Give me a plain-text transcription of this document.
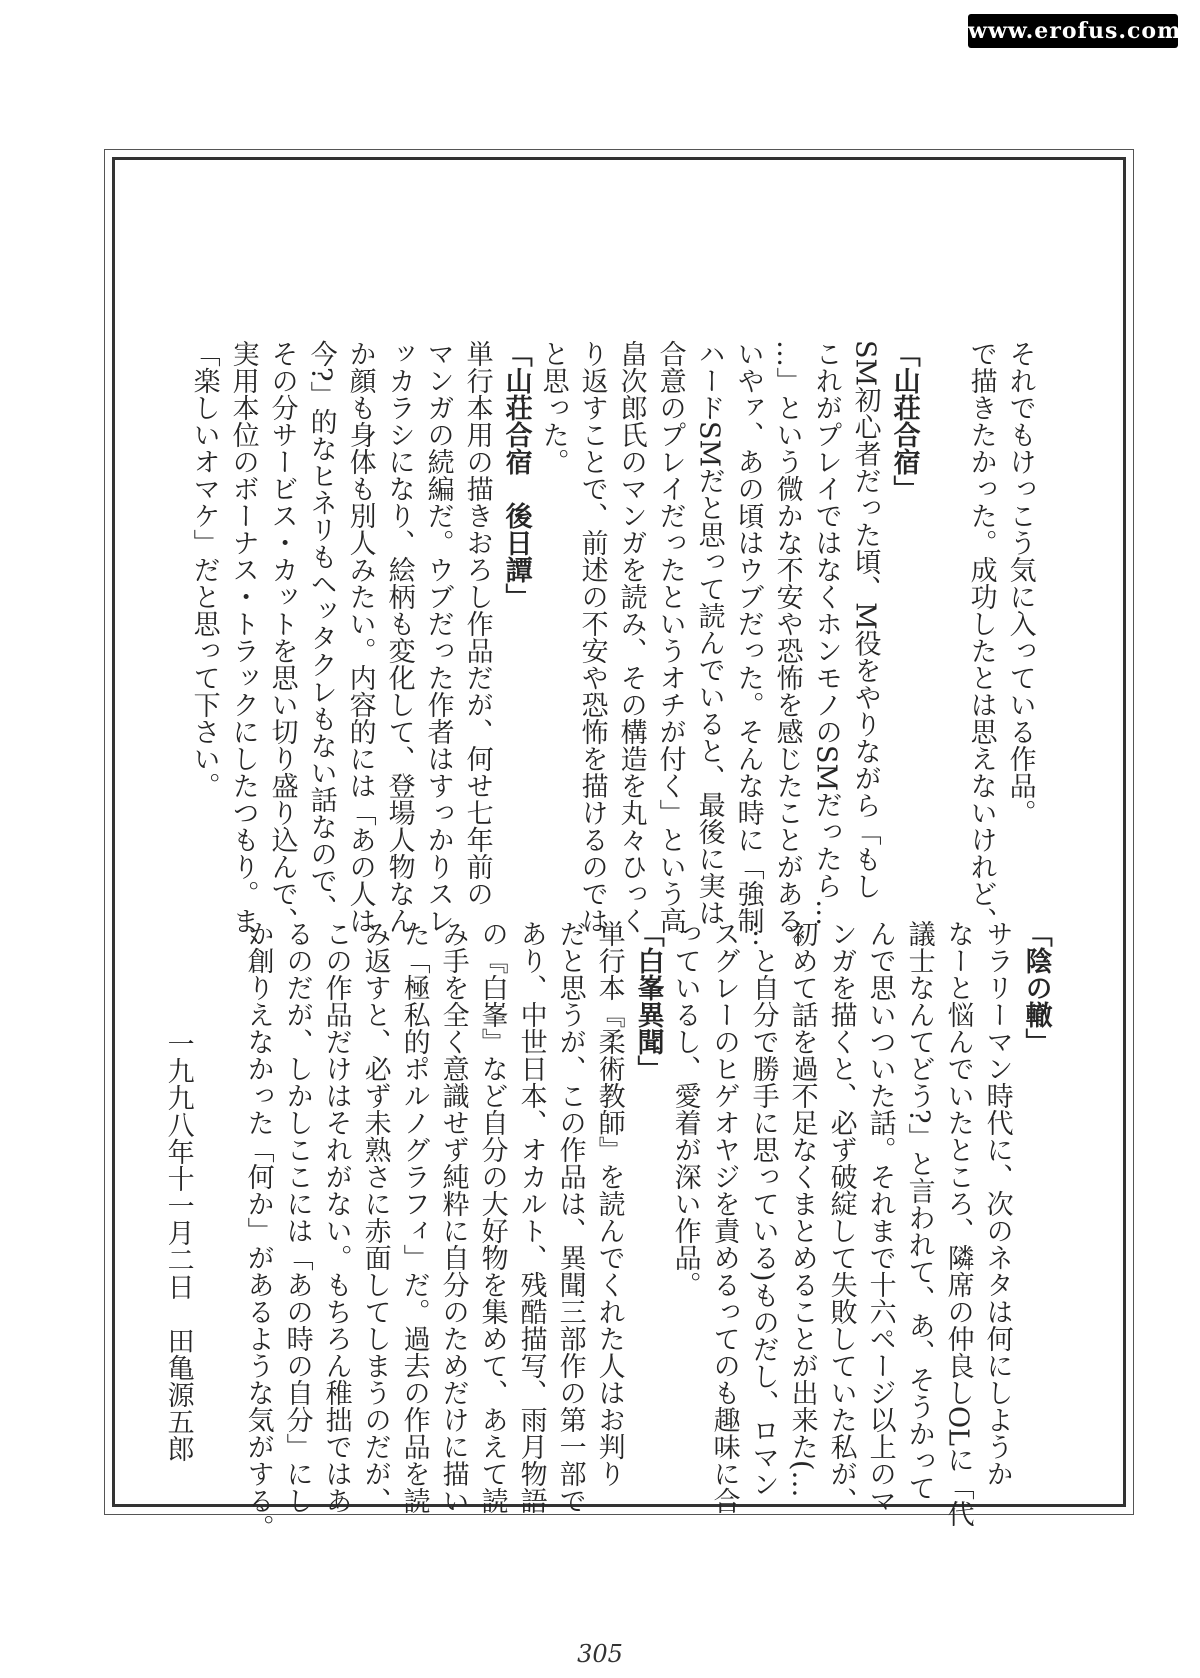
www.erofus.com
それでもけっこう気に入っている作品。
で描きたかった。成功したとは思えないけれど、
「山荘合宿」
SM初心者だった頃、M役をやりながら「もし
これがプレイではなくホンモノのSMだったら…
…」という微かな不安や恐怖を感じたことがある。
いやァ、あの頃はウブだった。そんな時に「強制
ハードSMだと思って読んでいると、最後に実は
合意のプレイだったというオチが付く」という高
畠次郎氏のマンガを読み、その構造を丸々ひっく
り返すことで、前述の不安や恐怖を描けるのでは
と思った。
「山荘合宿　後日譚」
単行本用の描きおろし作品だが、何せ七年前の
マンガの続編だ。ウブだった作者はすっかりスレ
ッカラシになり、絵柄も変化して、登場人物なん
か顔も身体も別人みたい。内容的には「あの人は
今?」的なヒネリもヘッタクレもない話なので、
その分サービス・カットを思い切り盛り込んで、
実用本位のボーナス・トラックにしたつもり。ま、
「楽しいオマケ」だと思って下さい。
「陰の轍」
サラリーマン時代に、次のネタは何にしようか
なーと悩んでいたところ、隣席の仲良しOLに「代
議士なんてどう?」と言われて、あ、そうかって
んで思いついた話。それまで十六ページ以上のマ
ンガを描くと、必ず破綻して失敗していた私が、
初めて話を過不足なくまとめることが出来た(…
…と自分で勝手に思っている)ものだし、ロマン
スグレーのヒゲオヤジを責めるってのも趣味に合
っているし、愛着が深い作品。
「白峯異聞」
単行本『柔術教師』を読んでくれた人はお判り
だと思うが、この作品は、異聞三部作の第一部で
あり、中世日本、オカルト、残酷描写、雨月物語
の『白峯』など自分の大好物を集めて、あえて読
み手を全く意識せず純粋に自分のためだけに描い
た「極私的ポルノグラフィ」だ。過去の作品を読
み返すと、必ず未熟さに赤面してしまうのだが、
この作品だけはそれがない。もちろん稚拙ではあ
るのだが、しかしここには「あの時の自分」にし
か創りえなかった「何か」があるような気がする。
一九九八年十一月二日　田亀源五郎
305
